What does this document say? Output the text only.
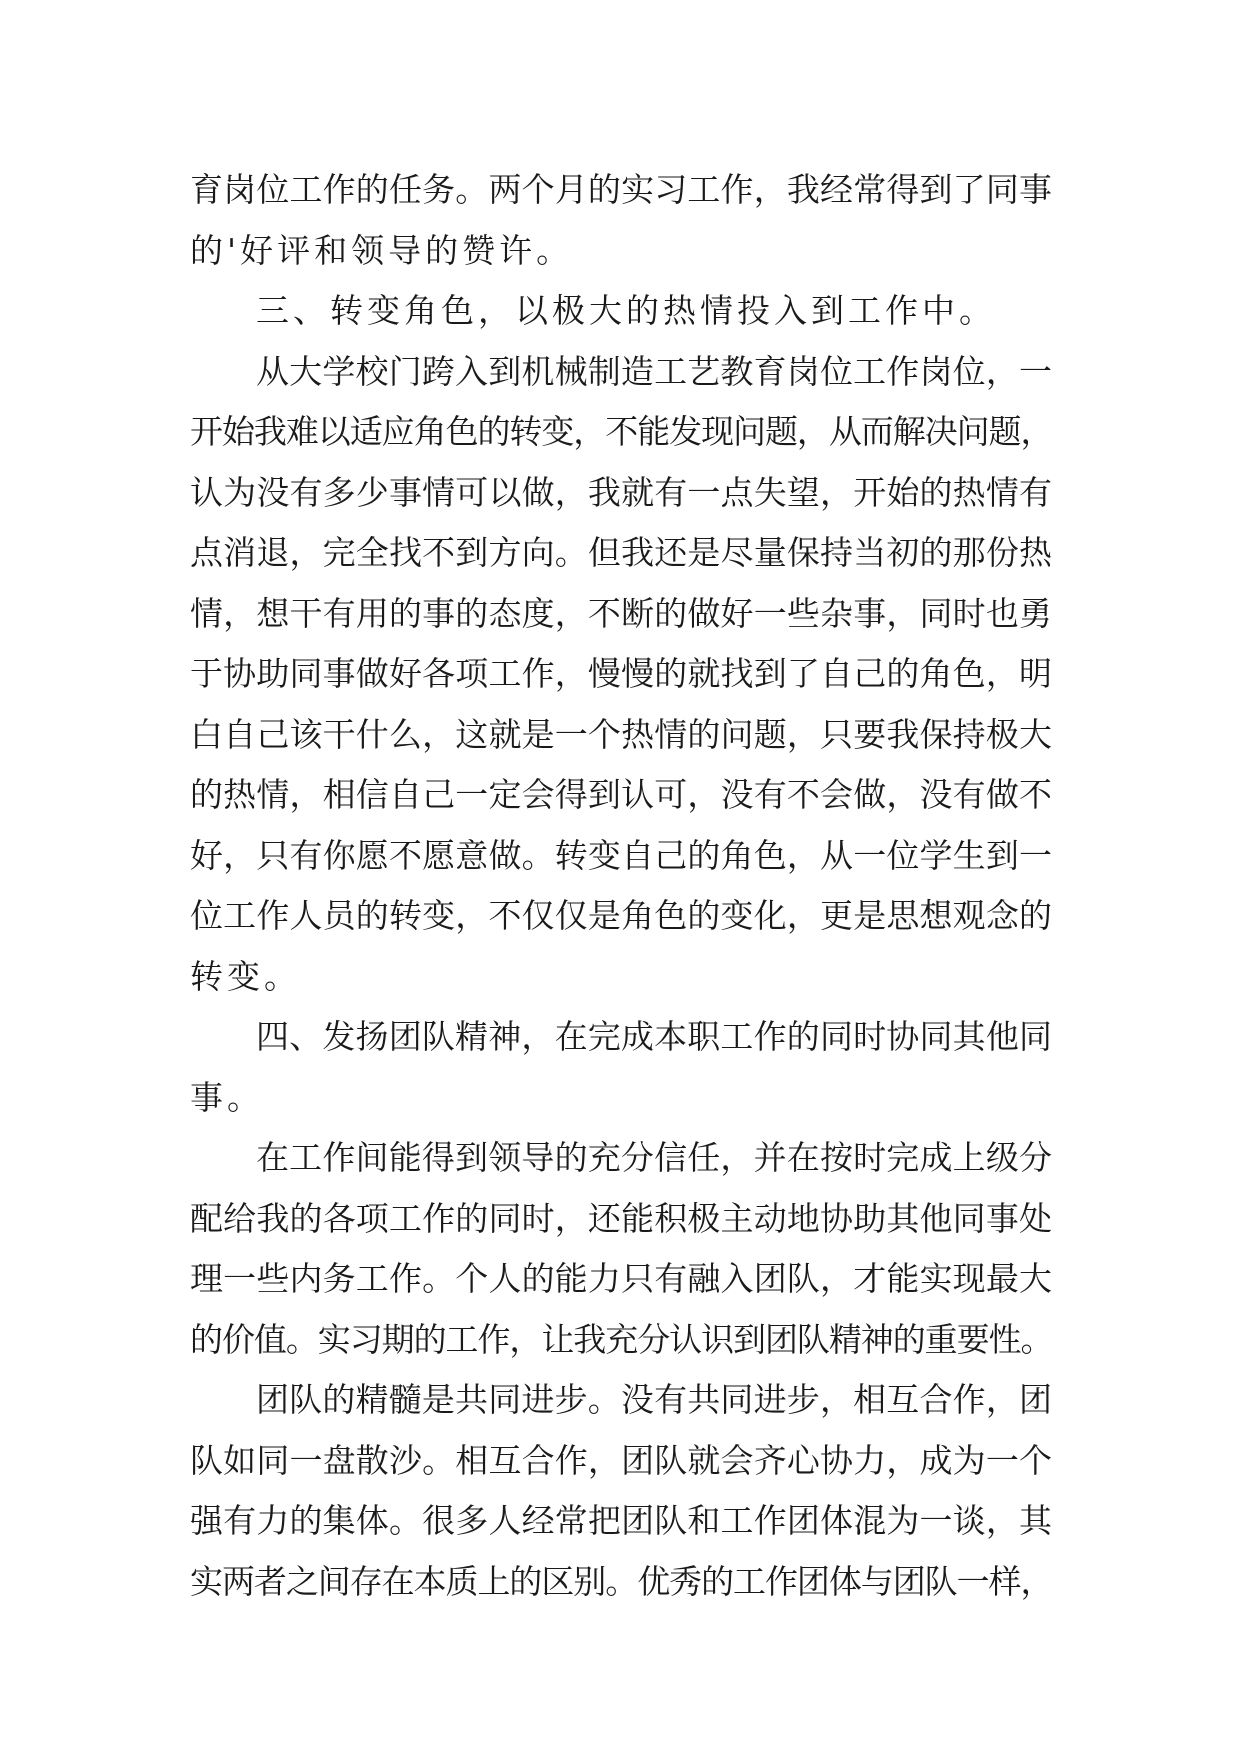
育岗位工作的任务。两个月的实习工作，我经常得到了同事
的'好评和领导的赞许。
三、转变角色，以极大的热情投入到工作中。
从大学校门跨入到机械制造工艺教育岗位工作岗位，一
开始我难以适应角色的转变，不能发现问题，从而解决问题，
认为没有多少事情可以做，我就有一点失望，开始的热情有
点消退，完全找不到方向。但我还是尽量保持当初的那份热
情，想干有用的事的态度，不断的做好一些杂事，同时也勇
于协助同事做好各项工作，慢慢的就找到了自己的角色，明
白自己该干什么，这就是一个热情的问题，只要我保持极大
的热情，相信自己一定会得到认可，没有不会做，没有做不
好，只有你愿不愿意做。转变自己的角色，从一位学生到一
位工作人员的转变，不仅仅是角色的变化，更是思想观念的
转变。
四、发扬团队精神，在完成本职工作的同时协同其他同
事。
在工作间能得到领导的充分信任，并在按时完成上级分
配给我的各项工作的同时，还能积极主动地协助其他同事处
理一些内务工作。个人的能力只有融入团队，才能实现最大
的价值。实习期的工作，让我充分认识到团队精神的重要性。
团队的精髓是共同进步。没有共同进步，相互合作，团
队如同一盘散沙。相互合作，团队就会齐心协力，成为一个
强有力的集体。很多人经常把团队和工作团体混为一谈，其
实两者之间存在本质上的区别。优秀的工作团体与团队一样，
